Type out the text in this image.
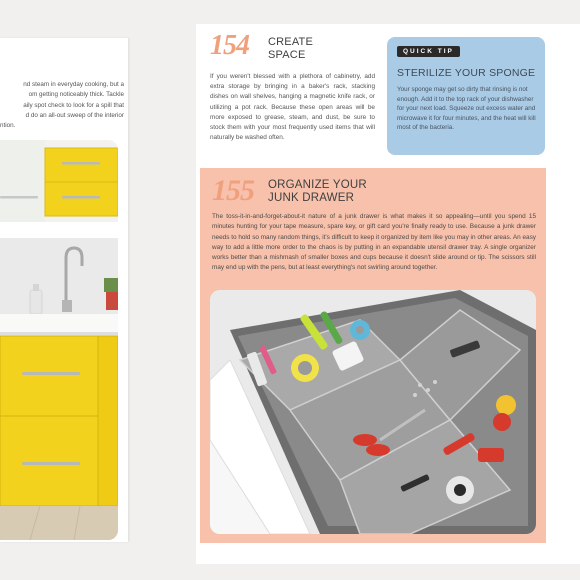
nd steam in everyday cooking, but a
om getting noticeably thick. Tackle
aily spot check to look for a spill that
d do an all-out sweep of the interior
ntion.
154 CREATE
SPACE

If you weren't blessed with a plethora of cabinetry, add extra storage by bringing in a baker's rack, stacking dishes on wall shelves, hanging a magnetic knife rack, or utilizing a pot rack. Because these open areas will be more exposed to grease, steam, and dust, be sure to stock them with your most frequently used items that will naturally be washed often.

QUICK TIP
STERILIZE YOUR SPONGE

Your sponge may get so dirty that rinsing is not enough. Add it to the top rack of your dishwasher for your next load. Squeeze out excess water and microwave it for four minutes, and the heat will kill most of the bacteria.

155 ORGANIZE YOUR
JUNK DRAWER

The toss-it-in-and-forget-about-it nature of a junk drawer is what makes it so appealing—until you spend 15 minutes hunting for your tape measure, spare key, or gift card you're finally ready to use. Because a junk drawer needs to hold so many random things, it's difficult to keep it organized by item like you may in other areas. An easy way to add a little more order to the chaos is by putting in an expandable utensil drawer tray. A single organizer works better than a mishmash of smaller boxes and cups because it doesn't slide around or tip. The scissors still may end up with the pens, but at least everything's not swirling around together.
